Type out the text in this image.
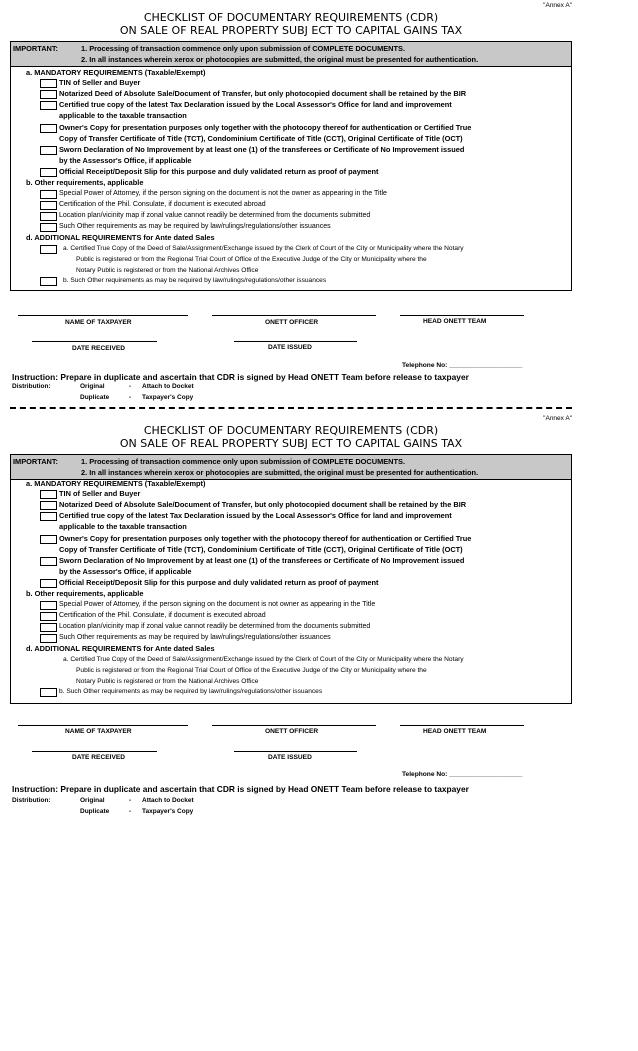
"Annex A"
CHECKLIST OF DOCUMENTARY REQUIREMENTS (CDR)
ON SALE OF REAL PROPERTY SUBJ ECT TO CAPITAL GAINS TAX
IMPORTANT:	1. Processing of transaction commence only upon submission of COMPLETE DOCUMENTS.
2. In all instances wherein xerox or photocopies are submitted, the original must be presented for authentication.
a. MANDATORY REQUIREMENTS (Taxable/Exempt)
TIN of Seller and Buyer
Notarized Deed of Absolute Sale/Document of Transfer, but only photocopied document shall be retained by the BIR
Certified true copy of the latest Tax Declaration issued by the Local Assessor's Office for land and improvement
applicable to the taxable transaction
Owner's Copy for presentation purposes only together with the photocopy thereof for authentication or Certified True
Copy of Transfer Certificate of Title (TCT), Condominium Certificate of Title (CCT), Original Certificate of Title (OCT)
Sworn Declaration of No Improvement by at least one (1) of the transferees or Certificate of No Improvement issued
by the Assessor's Office, if applicable
Official Receipt/Deposit Slip for this purpose and duly validated return as proof of payment
b. Other requirements, applicable
Special Power of Attorney, if the person signing on the document is not the owner as appearing in the Title
Certification of the Phil. Consulate, if document is executed abroad
Location plan/vicinity map if zonal value cannot readily be determined from the documents submitted
Such Other requirements as may be required by law/rulings/regulations/other issuances
d. ADDITIONAL REQUIREMENTS for Ante dated Sales
a. Certified True Copy of the Deed of Sale/Assignment/Exchange issued by the Clerk of Court of the City or Municipality where the Notary
Public is registered or from the Regional Trial Court of Office of the Executive Judge of the City or Municipality where the
Notary Public is registered or from the National Archives Office
b. Such Other requirements as may be required by law/rulings/regulations/other issuances
NAME OF TAXPAYER	ONETT OFFICER	HEAD ONETT TEAM
DATE RECEIVED	DATE ISSUED
Telephone No: ____________________
Instruction: Prepare in duplicate and ascertain that CDR is signed by Head ONETT Team before release to taxpayer
Distribution:	Original	- Attach to Docket
Duplicate	- Taxpayer's Copy
"Annex A"
CHECKLIST OF DOCUMENTARY REQUIREMENTS (CDR)
ON SALE OF REAL PROPERTY SUBJ ECT TO CAPITAL GAINS TAX
IMPORTANT:	1. Processing of transaction commence only upon submission of COMPLETE DOCUMENTS.
2. In all instances wherein xerox or photocopies are submitted, the original must be presented for authentication.
a. MANDATORY REQUIREMENTS (Taxable/Exempt)
TIN of Seller and Buyer
Notarized Deed of Absolute Sale/Document of Transfer, but only photocopied document shall be retained by the BIR
Certified true copy of the latest Tax Declaration issued by the Local Assessor's Office for land and improvement
applicable to the taxable transaction
Owner's Copy for presentation purposes only together with the photocopy thereof for authentication or Certified True
Copy of Transfer Certificate of Title (TCT), Condominium Certificate of Title (CCT), Original Certificate of Title (OCT)
Sworn Declaration of No Improvement by at least one (1) of the transferees or Certificate of No Improvement issued
by the Assessor's Office, if applicable
Official Receipt/Deposit Slip for this purpose and duly validated return as proof of payment
b. Other requirements, applicable
Special Power of Attorney, if the person signing on the document is not owner as appearing in the Title
Certification of the Phil. Consulate, if document is executed abroad
Location plan/vicinity map if zonal value cannot readily be determined from the documents submitted
Such Other requirements as may be required by law/rulings/regulations/other issuances
d. ADDITIONAL REQUIREMENTS for Ante dated Sales
a. Certified True Copy of the Deed of Sale/Assignment/Exchange issued by the Clerk of Court of the City or Municipality where the Notary
Public is registered or from the Regional Trial Court of Office of the Executive Judge of the City or Municipality where the
Notary Public is registered or from the National Archives Office
b. Such Other requirements as may be required by law/rulings/regulations/other issuances
NAME OF TAXPAYER	ONETT OFFICER	HEAD ONETT TEAM
DATE RECEIVED	DATE ISSUED
Telephone No: ____________________
Instruction: Prepare in duplicate and ascertain that CDR is signed by Head ONETT Team before release to taxpayer
Distribution:	Original	- Attach to Docket
Duplicate	- Taxpayer's Copy
